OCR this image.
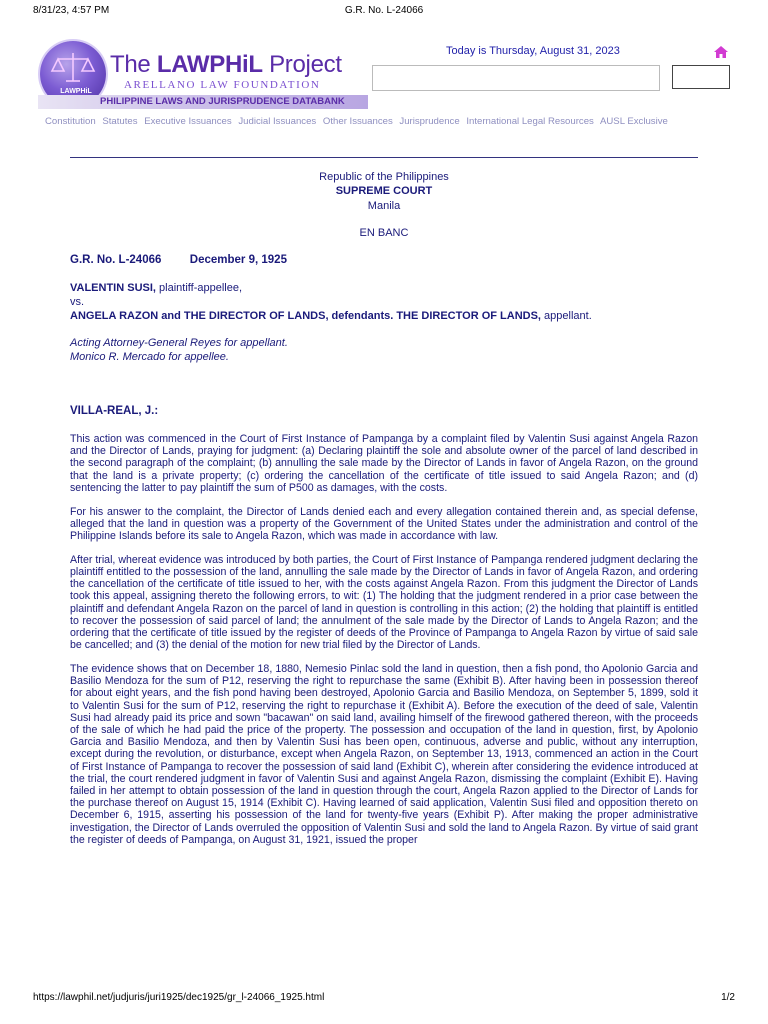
8/31/23, 4:57 PM	G.R. No. L-24066
LAWPHiL
The LAWPHiL Project
ARELLANO LAW FOUNDATION
PHILIPPINE LAWS AND JURISPRUDENCE DATABANK
Today is Thursday, August 31, 2023
Constitution Statutes Executive Issuances Judicial Issuances Other Issuances Jurisprudence International Legal Resources AUSL Exclusive
Republic of the Philippines
SUPREME COURT
Manila
EN BANC
G.R. No. L-24066 December 9, 1925
VALENTIN SUSI, plaintiff-appellee,
vs.
ANGELA RAZON and THE DIRECTOR OF LANDS, defendants. THE DIRECTOR OF LANDS, appellant.
Acting Attorney-General Reyes for appellant.
Monico R. Mercado for appellee.
VILLA-REAL, J.:

This action was commenced in the Court of First Instance of Pampanga by a complaint filed by Valentin Susi against Angela Razon and the Director of Lands, praying for judgment: (a) Declaring plaintiff the sole and absolute owner of the parcel of land described in the second paragraph of the complaint; (b) annulling the sale made by the Director of Lands in favor of Angela Razon, on the ground that the land is a private property; (c) ordering the cancellation of the certificate of title issued to said Angela Razon; and (d) sentencing the latter to pay plaintiff the sum of P500 as damages, with the costs.

For his answer to the complaint, the Director of Lands denied each and every allegation contained therein and, as special defense, alleged that the land in question was a property of the Government of the United States under the administration and control of the Philippine Islands before its sale to Angela Razon, which was made in accordance with law.

After trial, whereat evidence was introduced by both parties, the Court of First Instance of Pampanga rendered judgment declaring the plaintiff entitled to the possession of the land, annulling the sale made by the Director of Lands in favor of Angela Razon, and ordering the cancellation of the certificate of title issued to her, with the costs against Angela Razon. From this judgment the Director of Lands took this appeal, assigning thereto the following errors, to wit: (1) The holding that the judgment rendered in a prior case between the plaintiff and defendant Angela Razon on the parcel of land in question is controlling in this action; (2) the holding that plaintiff is entitled to recover the possession of said parcel of land; the annulment of the sale made by the Director of Lands to Angela Razon; and the ordering that the certificate of title issued by the register of deeds of the Province of Pampanga to Angela Razon by virtue of said sale be cancelled; and (3) the denial of the motion for new trial filed by the Director of Lands.

The evidence shows that on December 18, 1880, Nemesio Pinlac sold the land in question, then a fish pond, tho Apolonio Garcia and Basilio Mendoza for the sum of P12, reserving the right to repurchase the same (Exhibit B). After having been in possession thereof for about eight years, and the fish pond having been destroyed, Apolonio Garcia and Basilio Mendoza, on September 5, 1899, sold it to Valentin Susi for the sum of P12, reserving the right to repurchase it (Exhibit A). Before the execution of the deed of sale, Valentin Susi had already paid its price and sown "bacawan" on said land, availing himself of the firewood gathered thereon, with the proceeds of the sale of which he had paid the price of the property. The possession and occupation of the land in question, first, by Apolonio Garcia and Basilio Mendoza, and then by Valentin Susi has been open, continuous, adverse and public, without any interruption, except during the revolution, or disturbance, except when Angela Razon, on September 13, 1913, commenced an action in the Court of First Instance of Pampanga to recover the possession of said land (Exhibit C), wherein after considering the evidence introduced at the trial, the court rendered judgment in favor of Valentin Susi and against Angela Razon, dismissing the complaint (Exhibit E). Having failed in her attempt to obtain possession of the land in question through the court, Angela Razon applied to the Director of Lands for the purchase thereof on August 15, 1914 (Exhibit C). Having learned of said application, Valentin Susi filed and opposition thereto on December 6, 1915, asserting his possession of the land for twenty-five years (Exhibit P). After making the proper administrative investigation, the Director of Lands overruled the opposition of Valentin Susi and sold the land to Angela Razon. By virtue of said grant the register of deeds of Pampanga, on August 31, 1921, issued the proper

https://lawphil.net/judjuris/juri1925/dec1925/gr_l-24066_1925.html	1/2
